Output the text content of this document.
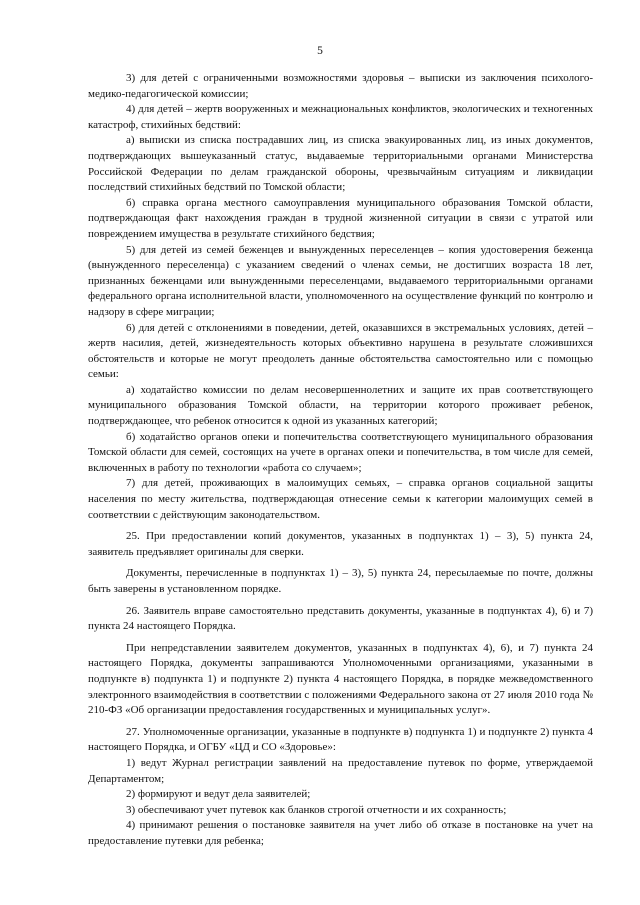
5

3) для детей с ограниченными возможностями здоровья – выписки из заключения психолого-медико-педагогической комиссии;

4) для детей – жертв вооруженных и межнациональных конфликтов, экологических и техногенных катастроф, стихийных бедствий:

а) выписки из списка пострадавших лиц, из списка эвакуированных лиц, из иных документов, подтверждающих вышеуказанный статус, выдаваемые территориальными органами Министерства Российской Федерации по делам гражданской обороны, чрезвычайным ситуациям и ликвидации последствий стихийных бедствий по Томской области;

б) справка органа местного самоуправления муниципального образования Томской области, подтверждающая факт нахождения граждан в трудной жизненной ситуации в связи с утратой или повреждением имущества в результате стихийного бедствия;

5) для детей из семей беженцев и вынужденных переселенцев – копия удостоверения беженца (вынужденного переселенца) с указанием сведений о членах семьи, не достигших возраста 18 лет, признанных беженцами или вынужденными переселенцами, выдаваемого территориальными органами федерального органа исполнительной власти, уполномоченного на осуществление функций по контролю и надзору в сфере миграции;

6) для детей с отклонениями в поведении, детей, оказавшихся в экстремальных условиях, детей – жертв насилия, детей, жизнедеятельность которых объективно нарушена в результате сложившихся обстоятельств и которые не могут преодолеть данные обстоятельства самостоятельно или с помощью семьи:

а) ходатайство комиссии по делам несовершеннолетних и защите их прав соответствующего муниципального образования Томской области, на территории которого проживает ребенок, подтверждающее, что ребенок относится к одной из указанных категорий;

б) ходатайство органов опеки и попечительства соответствующего муниципального образования Томской области для семей, состоящих на учете в органах опеки и попечительства, в том числе для семей, включенных в работу по технологии «работа со случаем»;

7) для детей, проживающих в малоимущих семьях, – справка органов социальной защиты населения по месту жительства, подтверждающая отнесение семьи к категории малоимущих семей в соответствии с действующим законодательством.

25. При предоставлении копий документов, указанных в подпунктах 1) – 3), 5) пункта 24, заявитель предъявляет оригиналы для сверки.

Документы, перечисленные в подпунктах 1) – 3), 5) пункта 24, пересылаемые по почте, должны быть заверены в установленном порядке.

26. Заявитель вправе самостоятельно представить документы, указанные в подпунктах 4), 6) и 7) пункта 24 настоящего Порядка.

При непредставлении заявителем документов, указанных в подпунктах 4), 6), и 7) пункта 24 настоящего Порядка, документы запрашиваются Уполномоченными организациями, указанными в подпункте в) подпункта 1) и подпункте 2) пункта 4 настоящего Порядка, в порядке межведомственного электронного взаимодействия в соответствии с положениями Федерального закона от 27 июля 2010 года № 210-ФЗ «Об организации предоставления государственных и муниципальных услуг».

27. Уполномоченные организации, указанные в подпункте в) подпункта 1) и подпункте 2) пункта 4 настоящего Порядка, и ОГБУ «ЦД и СО «Здоровье»:

1) ведут Журнал регистрации заявлений на предоставление путевок по форме, утверждаемой Департаментом;

2) формируют и ведут дела заявителей;

3) обеспечивают учет путевок как бланков строгой отчетности и их сохранность;

4) принимают решения о постановке заявителя на учет либо об отказе в постановке на учет на предоставление путевки для ребенка;
